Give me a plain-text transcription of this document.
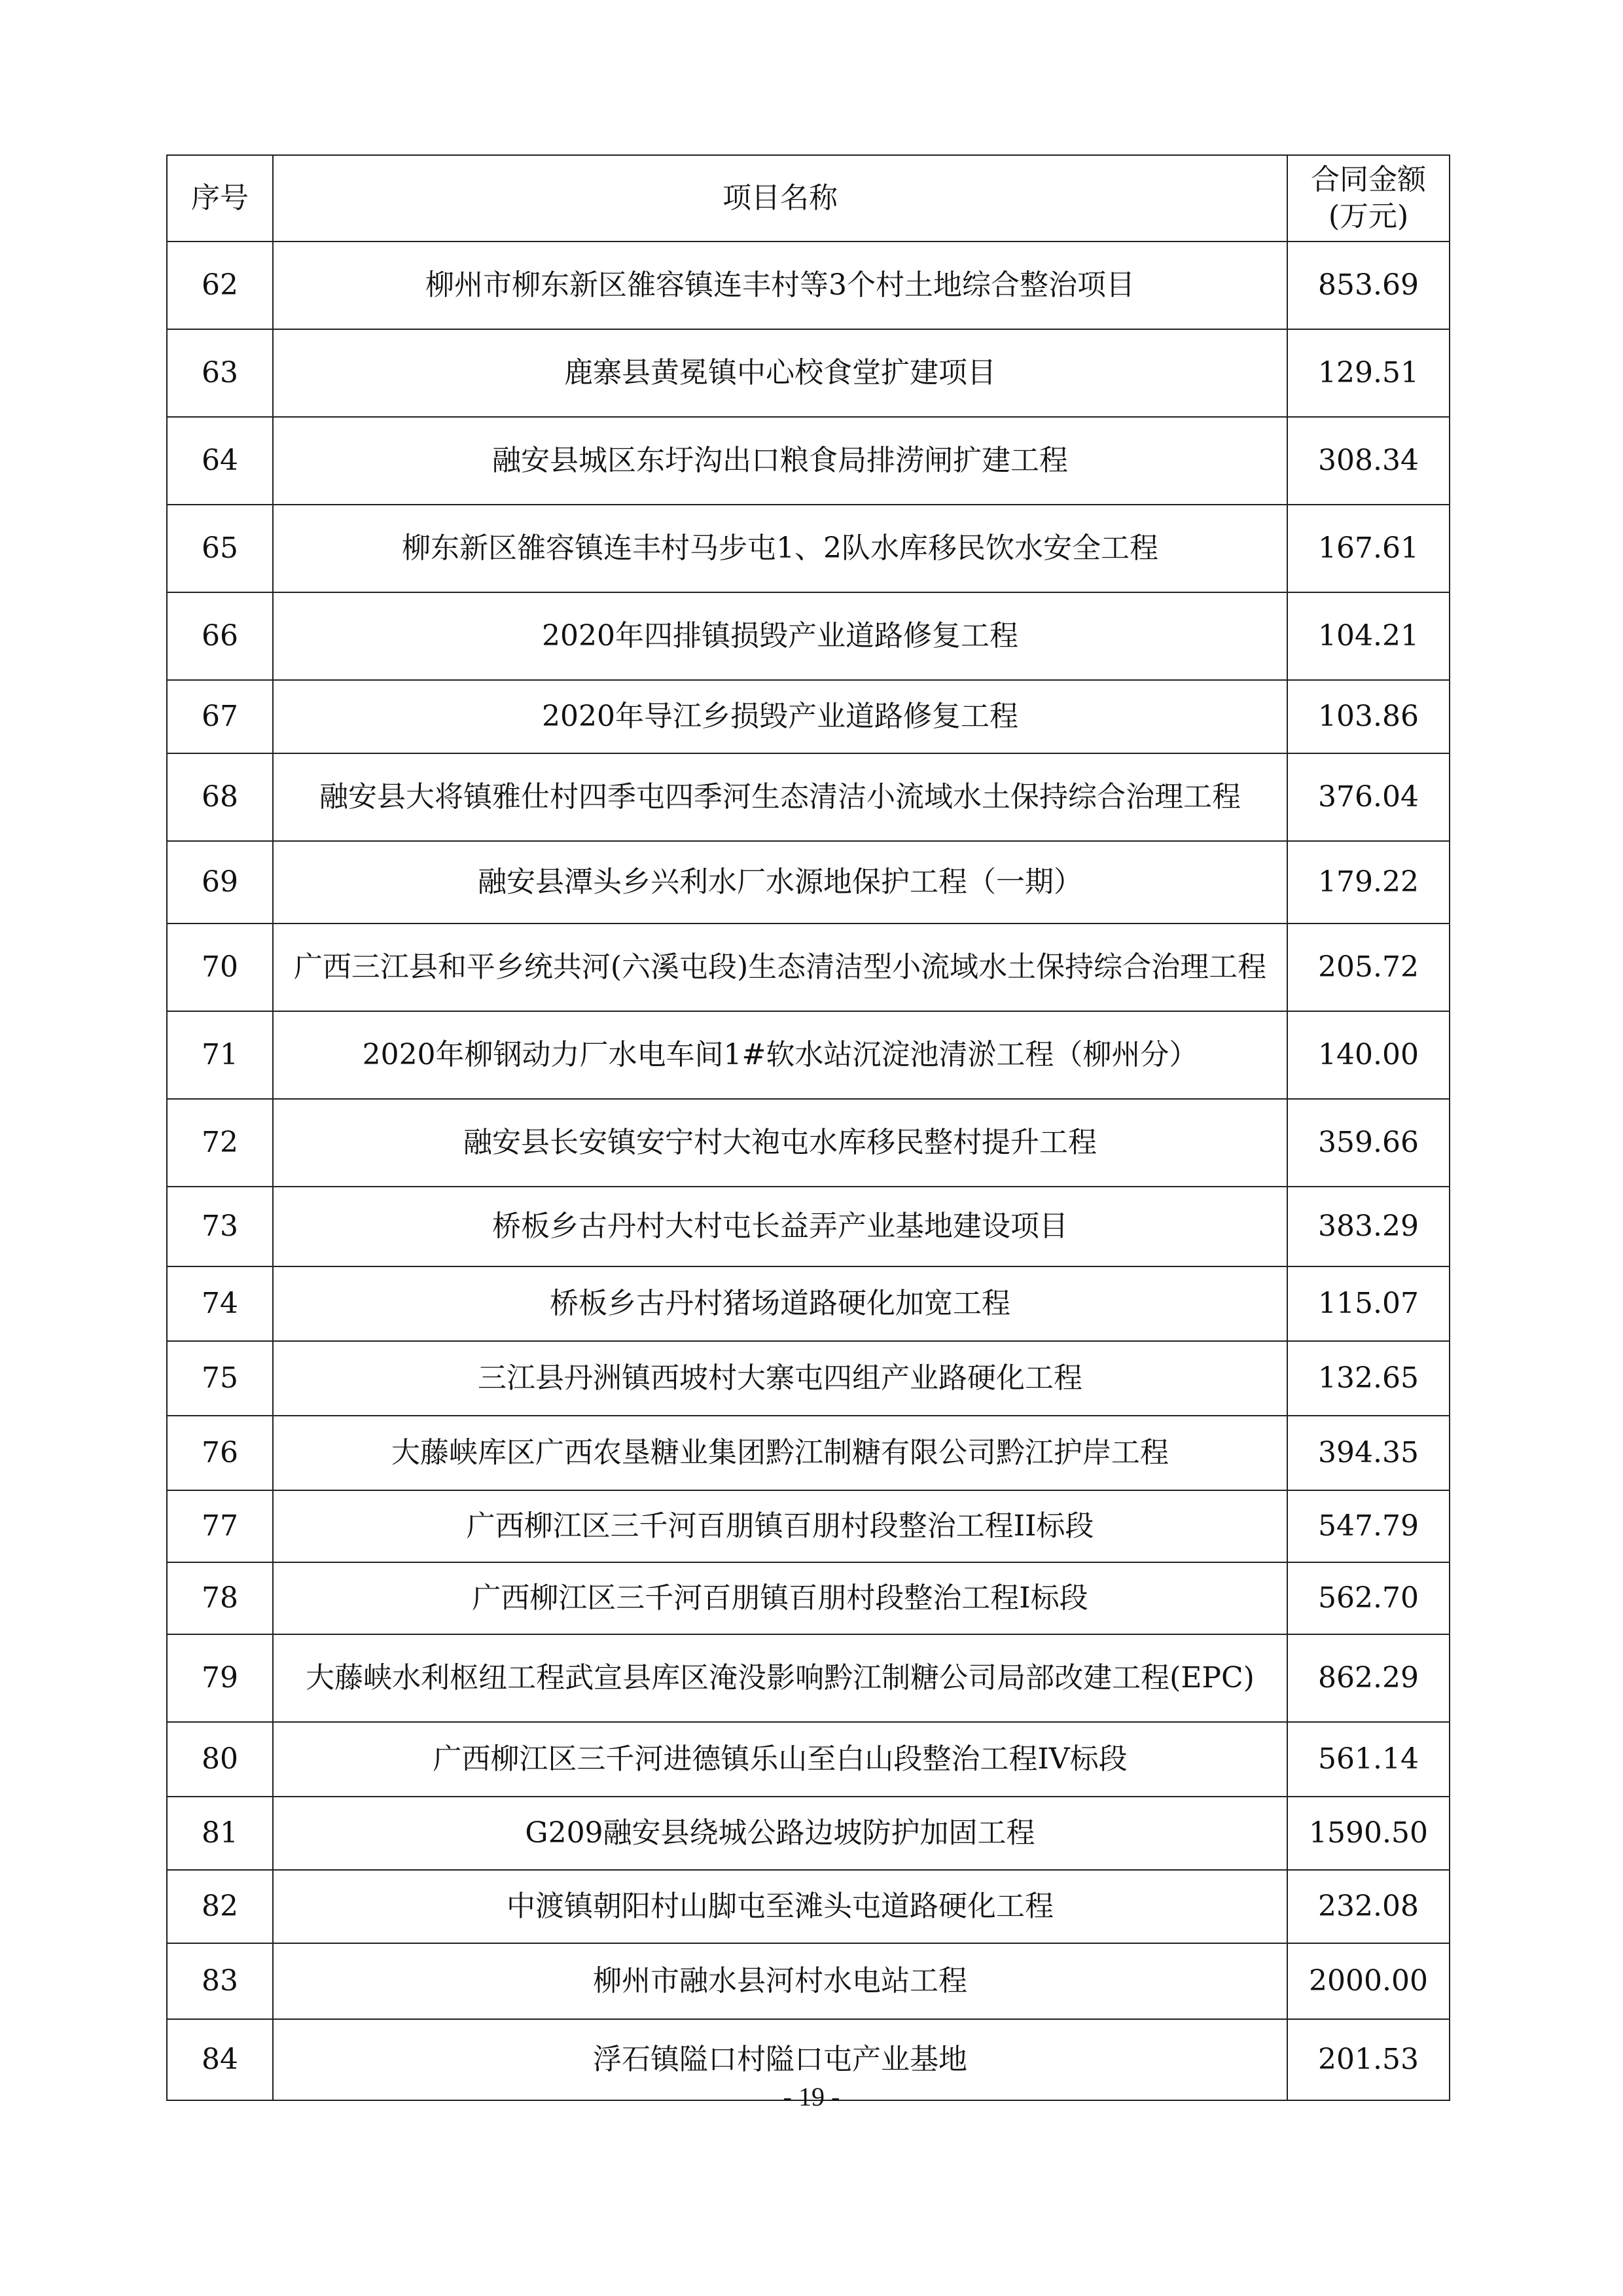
序号	项目名称	合同金额
(万元)
62	柳州市柳东新区雒容镇连丰村等3个村土地综合整治项目	853.69
63	鹿寨县黄冕镇中心校食堂扩建项目	129.51
64	融安县城区东圩沟出口粮食局排涝闸扩建工程	308.34
65	柳东新区雒容镇连丰村马步屯1、2队水库移民饮水安全工程	167.61
66	2020年四排镇损毁产业道路修复工程	104.21
67	2020年导江乡损毁产业道路修复工程	103.86
68	融安县大将镇雅仕村四季屯四季河生态清洁小流域水土保持综合治理工程	376.04
69	融安县潭头乡兴利水厂水源地保护工程（一期）	179.22
70	广西三江县和平乡统共河(六溪屯段)生态清洁型小流域水土保持综合治理工程	205.72
71	2020年柳钢动力厂水电车间1#软水站沉淀池清淤工程（柳州分）	140.00
72	融安县长安镇安宁村大袍屯水库移民整村提升工程	359.66
73	桥板乡古丹村大村屯长益弄产业基地建设项目	383.29
74	桥板乡古丹村猪场道路硬化加宽工程	115.07
75	三江县丹洲镇西坡村大寨屯四组产业路硬化工程	132.65
76	大藤峡库区广西农垦糖业集团黔江制糖有限公司黔江护岸工程	394.35
77	广西柳江区三千河百朋镇百朋村段整治工程II标段	547.79
78	广西柳江区三千河百朋镇百朋村段整治工程I标段	562.70
79	大藤峡水利枢纽工程武宣县库区淹没影响黔江制糖公司局部改建工程(EPC)	862.29
80	广西柳江区三千河进德镇乐山至白山段整治工程IV标段	561.14
81	G209融安县绕城公路边坡防护加固工程	1590.50
82	中渡镇朝阳村山脚屯至滩头屯道路硬化工程	232.08
83	柳州市融水县河村水电站工程	2000.00
84	浮石镇隘口村隘口屯产业基地	201.53
- 19 -
